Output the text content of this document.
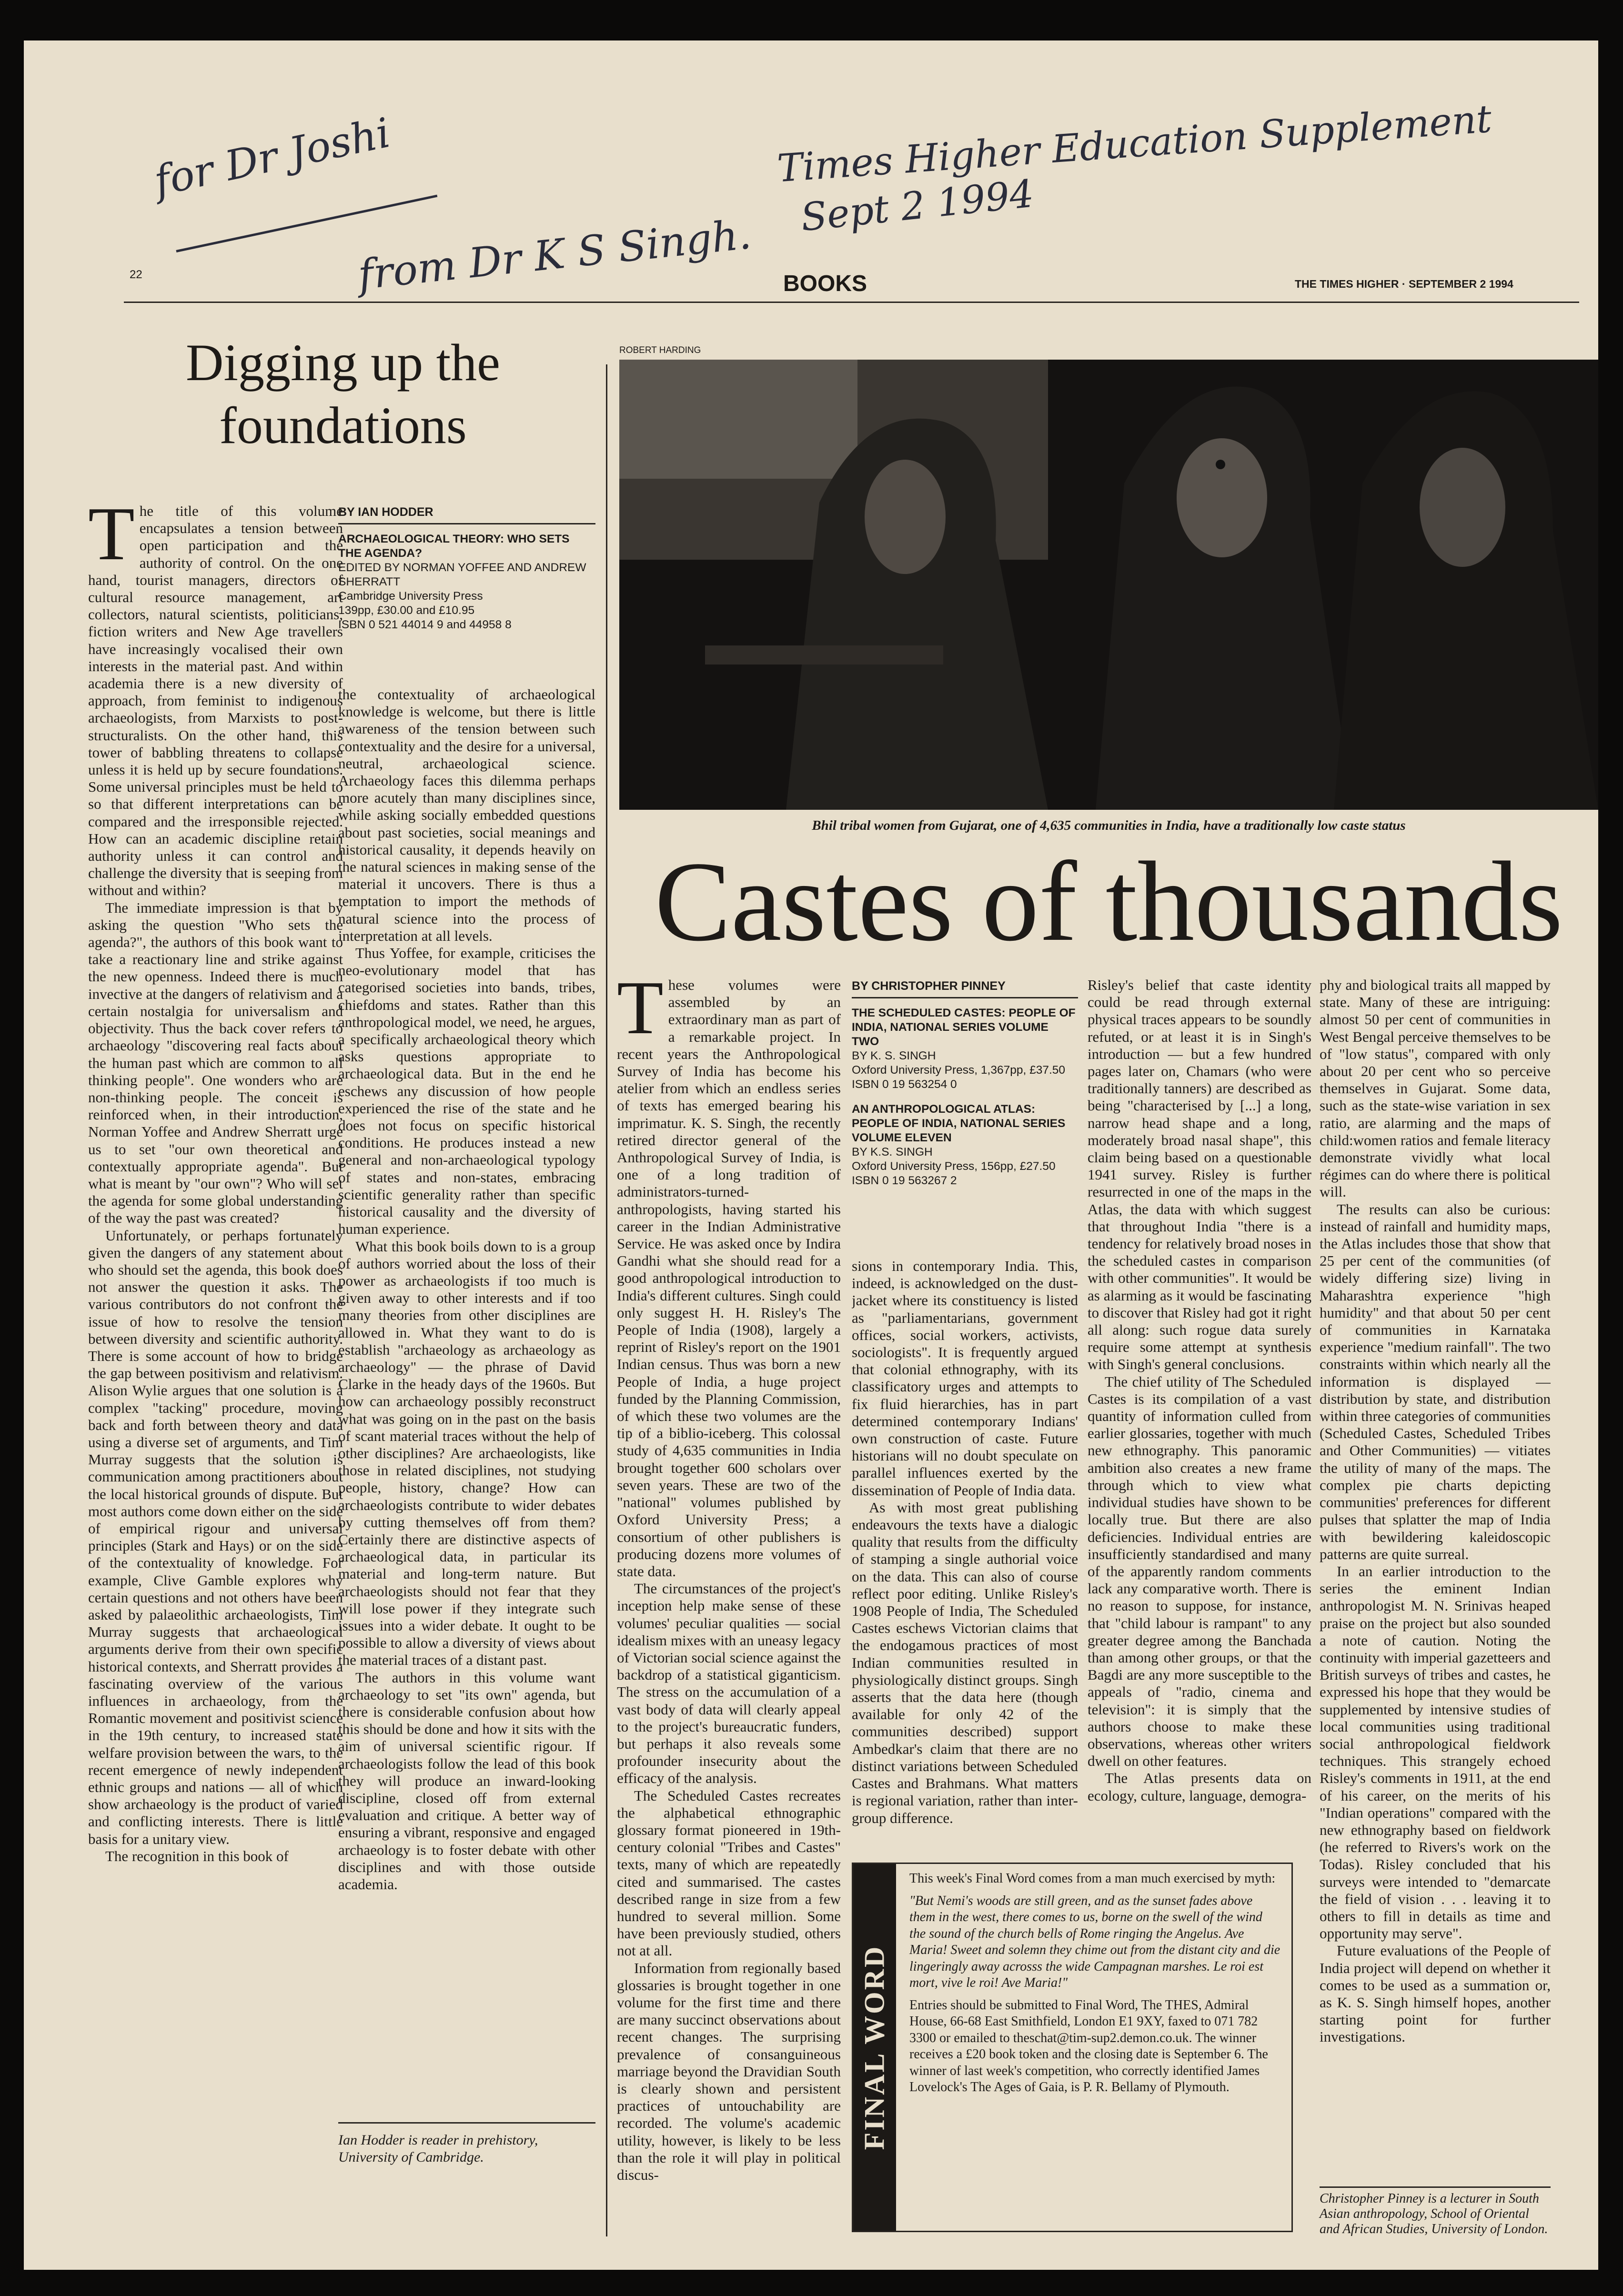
for Dr Joshi
from Dr K S Singh.
Times Higher Education Supplement
Sept 2 1994
22	BOOKS	THE TIMES HIGHER · SEPTEMBER 2 1994
Digging up the foundations
T he title of this volume encapsulates a tension between open participation and the authority of control. On the one hand, tourist managers, directors of cultural resource management, art collectors, natural scientists, politicians, fiction writers and New Age travellers have increasingly vocalised their own interests in the material past. And within academia there is a new diversity of approach, from feminist to indigenous archaeologists, from Marxists to post-structuralists. On the other hand, this tower of babbling threatens to collapse unless it is held up by secure foundations. Some universal principles must be held to so that different interpretations can be compared and the irresponsible rejected. How can an academic discipline retain authority unless it can control and challenge the diversity that is seeping from without and within?

The immediate impression is that by asking the question "Who sets the agenda?", the authors of this book want to take a reactionary line and strike against the new openness. Indeed there is much invective at the dangers of relativism and a certain nostalgia for universalism and objectivity. Thus the back cover refers to archaeology "discovering real facts about the human past which are common to all thinking people". One wonders who are non-thinking people. The conceit is reinforced when, in their introduction, Norman Yoffee and Andrew Sherratt urge us to set "our own theoretical and contextually appropriate agenda". But what is meant by "our own"? Who will set the agenda for some global understanding of the way the past was created?

Unfortunately, or perhaps fortunately given the dangers of any statement about who should set the agenda, this book does not answer the question it asks. The various contributors do not confront the issue of how to resolve the tension between diversity and scientific authority. There is some account of how to bridge the gap between positivism and relativism. Alison Wylie argues that one solution is a complex "tacking" procedure, moving back and forth between theory and data using a diverse set of arguments, and Tim Murray suggests that the solution is communication among practitioners about the local historical grounds of dispute. But most authors come down either on the side of empirical rigour and universal principles (Stark and Hays) or on the side of the contextuality of knowledge. For example, Clive Gamble explores why certain questions and not others have been asked by palaeolithic archaeologists, Tim Murray suggests that archaeological arguments derive from their own specific historical contexts, and Sherratt provides a fascinating overview of the various influences in archaeology, from the Romantic movement and positivist science in the 19th century, to increased state welfare provision between the wars, to the recent emergence of newly independent ethnic groups and nations — all of which show archaeology is the product of varied and conflicting interests. There is little basis for a unitary view.

The recognition in this book of

BY IAN HODDER
ARCHAEOLOGICAL THEORY: WHO SETS THE AGENDA?
EDITED BY NORMAN YOFFEE AND ANDREW SHERRATT
Cambridge University Press
139pp, £30.00 and £10.95
ISBN 0 521 44014 9 and 44958 8

the contextuality of archaeological knowledge is welcome, but there is little awareness of the tension between such contextuality and the desire for a universal, neutral, archaeological science. Archaeology faces this dilemma perhaps more acutely than many disciplines since, while asking socially embedded questions about past societies, social meanings and historical causality, it depends heavily on the natural sciences in making sense of the material it uncovers. There is thus a temptation to import the methods of natural science into the process of interpretation at all levels.

Thus Yoffee, for example, criticises the neo-evolutionary model that has categorised societies into bands, tribes, chiefdoms and states. Rather than this anthropological model, we need, he argues, a specifically archaeological theory which asks questions appropriate to archaeological data. But in the end he eschews any discussion of how people experienced the rise of the state and he does not focus on specific historical conditions. He produces instead a new general and non-archaeological typology of states and non-states, embracing scientific generality rather than specific historical causality and the diversity of human experience.

What this book boils down to is a group of authors worried about the loss of their power as archaeologists if too much is given away to other interests and if too many theories from other disciplines are allowed in. What they want to do is establish "archaeology as archaeology as archaeology" — the phrase of David Clarke in the heady days of the 1960s. But how can archaeology possibly reconstruct what was going on in the past on the basis of scant material traces without the help of other disciplines? Are archaeologists, like those in related disciplines, not studying people, history, change? How can archaeologists contribute to wider debates by cutting themselves off from them? Certainly there are distinctive aspects of archaeological data, in particular its material and long-term nature. But archaeologists should not fear that they will lose power if they integrate such issues into a wider debate. It ought to be possible to allow a diversity of views about the material traces of a distant past.

The authors in this volume want archaeology to set "its own" agenda, but there is considerable confusion about how this should be done and how it sits with the aim of universal scientific rigour. If archaeologists follow the lead of this book they will produce an inward-looking discipline, closed off from external evaluation and critique. A better way of ensuring a vibrant, responsive and engaged archaeology is to foster debate with other disciplines and with those outside academia.

Ian Hodder is reader in prehistory, University of Cambridge.
ROBERT HARDING
Bhil tribal women from Gujarat, one of 4,635 communities in India, have a traditionally low caste status
Castes of thousands
T hese volumes were assembled by an extraordinary man as part of a remarkable project. In recent years the Anthropological Survey of India has become his atelier from which an endless series of texts has emerged bearing his imprimatur. K. S. Singh, the recently retired director general of the Anthropological Survey of India, is one of a long tradition of administrators-turned-anthropologists, having started his career in the Indian Administrative Service. He was asked once by Indira Gandhi what she should read for a good anthropological introduction to India's different cultures. Singh could only suggest H. H. Risley's The People of India (1908), largely a reprint of Risley's report on the 1901 Indian census. Thus was born a new People of India, a huge project funded by the Planning Commission, of which these two volumes are the tip of a biblio-iceberg. This colossal study of 4,635 communities in India brought together 600 scholars over seven years. These are two of the "national" volumes published by Oxford University Press; a consortium of other publishers is producing dozens more volumes of state data.

The circumstances of the project's inception help make sense of these volumes' peculiar qualities — social idealism mixes with an uneasy legacy of Victorian social science against the backdrop of a statistical giganticism. The stress on the accumulation of a vast body of data will clearly appeal to the project's bureaucratic funders, but perhaps it also reveals some profounder insecurity about the efficacy of the analysis.

The Scheduled Castes recreates the alphabetical ethnographic glossary format pioneered in 19th-century colonial "Tribes and Castes" texts, many of which are repeatedly cited and summarised. The castes described range in size from a few hundred to several million. Some have been previously studied, others not at all.

Information from regionally based glossaries is brought together in one volume for the first time and there are many succinct observations about recent changes. The surprising prevalence of consanguineous marriage beyond the Dravidian South is clearly shown and persistent practices of untouchability are recorded. The volume's academic utility, however, is likely to be less than the role it will play in political discus-

BY CHRISTOPHER PINNEY
THE SCHEDULED CASTES: PEOPLE OF INDIA, NATIONAL SERIES VOLUME TWO
BY K. S. SINGH
Oxford University Press, 1,367pp, £37.50
ISBN 0 19 563254 0
AN ANTHROPOLOGICAL ATLAS: PEOPLE OF INDIA, NATIONAL SERIES VOLUME ELEVEN
BY K.S. SINGH
Oxford University Press, 156pp, £27.50
ISBN 0 19 563267 2

sions in contemporary India. This, indeed, is acknowledged on the dust-jacket where its constituency is listed as "parliamentarians, government offices, social workers, activists, sociologists". It is frequently argued that colonial ethnography, with its classificatory urges and attempts to fix fluid hierarchies, has in part determined contemporary Indians' own construction of caste. Future historians will no doubt speculate on parallel influences exerted by the dissemination of People of India data.

As with most great publishing endeavours the texts have a dialogic quality that results from the difficulty of stamping a single authorial voice on the data. This can also of course reflect poor editing. Unlike Risley's 1908 People of India, The Scheduled Castes eschews Victorian claims that the endogamous practices of most Indian communities resulted in physiologically distinct groups. Singh asserts that the data here (though available for only 42 of the communities described) support Ambedkar's claim that there are no distinct variations between Scheduled Castes and Brahmans. What matters is regional variation, rather than inter-group difference.

Risley's belief that caste identity could be read through external physical traces appears to be soundly refuted, or at least it is in Singh's introduction — but a few hundred pages later on, Chamars (who were traditionally tanners) are described as being "characterised by [...] a long, narrow head shape and a long, moderately broad nasal shape", this claim being based on a questionable 1941 survey. Risley is further resurrected in one of the maps in the Atlas, the data with which suggest that throughout India "there is a tendency for relatively broad noses in the scheduled castes in comparison with other communities". It would be as alarming as it would be fascinating to discover that Risley had got it right all along: such rogue data surely require some attempt at synthesis with Singh's general conclusions.

The chief utility of The Scheduled Castes is its compilation of a vast quantity of information culled from earlier glossaries, together with much new ethnography. This panoramic ambition also creates a new frame through which to view what individual studies have shown to be locally true. But there are also deficiencies. Individual entries are insufficiently standardised and many of the apparently random comments lack any comparative worth. There is no reason to suppose, for instance, that "child labour is rampant" to any greater degree among the Banchada than among other groups, or that the Bagdi are any more susceptible to the appeals of "radio, cinema and television": it is simply that the authors choose to make these observations, whereas other writers dwell on other features.

The Atlas presents data on ecology, culture, language, demogra-

phy and biological traits all mapped by state. Many of these are intriguing: almost 50 per cent of communities in West Bengal perceive themselves to be of "low status", compared with only about 20 per cent who so perceive themselves in Gujarat. Some data, such as the state-wise variation in sex ratio, are alarming and the maps of child:women ratios and female literacy demonstrate vividly what local régimes can do where there is political will.

The results can also be curious: instead of rainfall and humidity maps, the Atlas includes those that show that 25 per cent of the communities (of widely differing size) living in Maharashtra experience "high humidity" and that about 50 per cent of communities in Karnataka experience "medium rainfall". The two constraints within which nearly all the information is displayed — distribution by state, and distribution within three categories of communities (Scheduled Castes, Scheduled Tribes and Other Communities) — vitiates the utility of many of the maps. The complex pie charts depicting communities' preferences for different pulses that splatter the map of India with bewildering kaleidoscopic patterns are quite surreal.

In an earlier introduction to the series the eminent Indian anthropologist M. N. Srinivas heaped praise on the project but also sounded a note of caution. Noting the continuity with imperial gazetteers and British surveys of tribes and castes, he expressed his hope that they would be supplemented by intensive studies of local communities using traditional social anthropological fieldwork techniques. This strangely echoed Risley's comments in 1911, at the end of his career, on the merits of his "Indian operations" compared with the new ethnography based on fieldwork (he referred to Rivers's work on the Todas). Risley concluded that his surveys were intended to "demarcate the field of vision . . . leaving it to others to fill in details as time and opportunity may serve".

Future evaluations of the People of India project will depend on whether it comes to be used as a summation or, as K. S. Singh himself hopes, another starting point for further investigations.

Christopher Pinney is a lecturer in South Asian anthropology, School of Oriental and African Studies, University of London.
FINAL WORD

This week's Final Word comes from a man much exercised by myth:

"But Nemi's woods are still green, and as the sunset fades above them in the west, there comes to us, borne on the swell of the wind the sound of the church bells of Rome ringing the Angelus. Ave Maria! Sweet and solemn they chime out from the distant city and die lingeringly away acrosss the wide Campagnan marshes. Le roi est mort, vive le roi! Ave Maria!"

Entries should be submitted to Final Word, The THES, Admiral House, 66-68 East Smithfield, London E1 9XY, faxed to 071 782 3300 or emailed to theschat@tim-sup2.demon.co.uk. The winner receives a £20 book token and the closing date is September 6. The winner of last week's competition, who correctly identified James Lovelock's The Ages of Gaia, is P. R. Bellamy of Plymouth.
